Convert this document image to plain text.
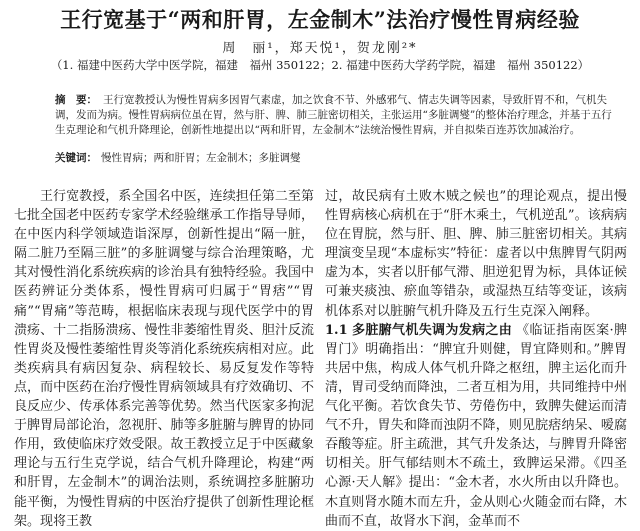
王行宽基于“两和肝胃，左金制木”法治疗慢性胃病经验
周　丽¹，郑天悦¹，贺龙刚²*
（1. 福建中医药大学中医学院，福建　福州 350122；2. 福建中医药大学药学院，福建　福州 350122）
摘　要： 王行宽教授认为慢性胃病多因胃气素虚，加之饮食不节、外感邪气、情志失调等因素，导致肝胃不和，气机失调，发而为病。慢性胃病病位虽在胃，然与肝、脾、肺三脏密切相关，主张运用“多脏调燮”的整体治疗理念，并基于五行生克理论和气机升降理论，创新性地提出以“两和肝胃，左金制木”法统治慢性胃病，并自拟柴百连苏饮加减治疗。
关键词： 慢性胃病；两和肝胃；左金制木；多脏调燮

王行宽教授，系全国名中医，连续担任第二至第七批全国老中医药专家学术经验继承工作指导导师，在中医内科学领域造诣深厚，创新性提出“隔一脏，隔二脏乃至隔三脏”的多脏调燮与综合治理策略，尤其对慢性消化系统疾病的诊治具有独特经验。我国中医药辨证分类体系，慢性胃病可归属于“胃痞”“胃痛”“胃痛”等范畴，根据临床表现与现代医学中的胃溃疡、十二指肠溃疡、慢性非萎缩性胃炎、胆汁反流性胃炎及慢性萎缩性胃炎等消化系统疾病相对应。此类疾病具有病因复杂、病程较长、易反复发作等特点，而中医药在治疗慢性胃病领域具有疗效确切、不良反应少、传承体系完善等优势。然当代医家多拘泥于脾胃局部论治，忽视肝、肺等多脏腑与脾胃的协同作用，致使临床疗效受限。故王教授立足于中医藏象理论与五行生克学说，结合气机升降理论，构建“两和肝胃，左金制木”的调治法则，系统调控多脏腑功能平衡，为慢性胃病的中医治疗提供了创新性理论框架。现将王教

过，故民病有土败木贼之候也”的理论观点，提出慢性胃病核心病机在于“肝木乘土，气机逆乱”。该病病位在胃脘，然与肝、胆、脾、肺三脏密切相关。其病理演变呈现“本虚标实”特征：虚者以中焦脾胃气阴两虚为本，实者以肝郁气滞、胆逆犯胃为标，具体证候可兼夹痰浊、瘀血等错杂，或湿热互结等变证，该病机体系对以脏腑气机升降及五行生克深入阐释。

1.1 多脏腑气机失调为发病之由 《临证指南医案·脾胃门》明确指出：“脾宜升则健，胃宜降则和。”脾胃共居中焦，构成人体气机升降之枢纽，脾主运化而升清，胃司受纳而降浊，二者互相为用，共同维持中州气化平衡。若饮食失节、劳倦伤中，致脾失健运而清气不升，胃失和降而浊阴不降，则见脘痞纳呆、嗳腐吞酸等症。肝主疏泄，其气升发条达，与脾胃升降密切相关。肝气郁结则木不疏土，致脾运呆滞。《四圣心源·天人解》提出：“金木者，水火所由以升降也。木直则肾水随木而左升，金从则心火随金而右降，木曲而不直，故肾水下润，金革而不
